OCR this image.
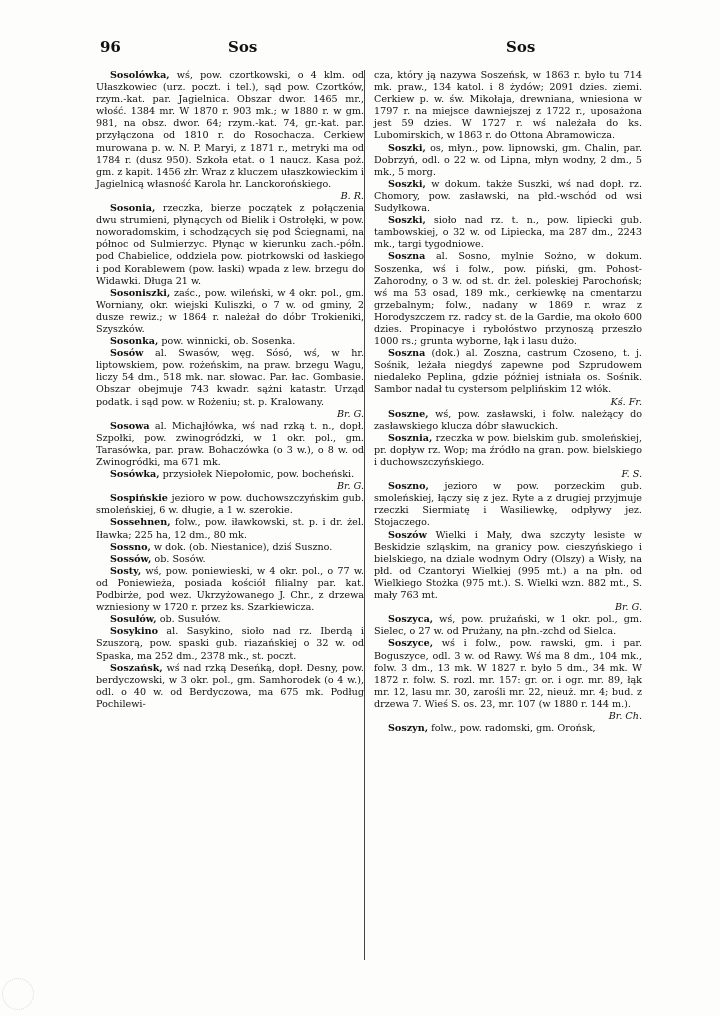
96	Sos	Sos

Sosolówka, wś, pow. czortkowski, o 4 klm. od Ułaszkowiec (urz. poczt. i tel.), sąd pow. Czortków, rzym.-kat. par. Jagielnica. Obszar dwor. 1465 mr., włość. 1384 mr. W 1870 r. 903 mk.; w 1880 r. w gm. 981, na obsz. dwor. 64; rzym.-kat. 74, gr.-kat. par. przyłączona od 1810 r. do Rosochacza. Cerkiew murowana p. w. N. P. Maryi, z 1871 r., metryki ma od 1784 r. (dusz 950). Szkoła etat. o 1 naucz. Kasa poż. gm. z kapit. 1456 złr. Wraz z kluczem ułaszkowieckim i Jagielnicą własność Karola hr. Lanckorońskiego.
B. R.

Sosonia, rzeczka, bierze początek z połączenia dwu strumieni, płynących od Bielik i Ostrołęki, w pow. noworadomskim, i schodzących się pod Ściegnami, na północ od Sulmierzyc. Płynąc w kierunku zach.-półn. pod Chabielice, oddziela pow. piotrkowski od łaskiego i pod Korablewem (pow. łaski) wpada z lew. brzegu do Widawki. Długa 21 w.

Sosoniszki, zaśc., pow. wileński, w 4 okr. pol., gm. Worniany, okr. wiejski Kuliszki, o 7 w. od gminy, 2 dusze rewiz.; w 1864 r. należał do dóbr Trokieniki, Szyszków.

Sosonka, pow. winnicki, ob. Sosenka.

Sosów al. Swasów, węg. Sósó, wś, w hr. liptowskiem, pow. rożeńskim, na praw. brzegu Wagu, liczy 54 dm., 518 mk. nar. słowac. Par. łac. Gombasie. Obszar obejmuje 743 kwadr. sążni katastr. Urząd podatk. i sąd pow. w Rożeniu; st. p. Kralowany.
Br. G.

Sosowa al. Michajłówka, wś nad rzką t. n., dopł. Szpołki, pow. zwinogródzki, w 1 okr. pol., gm. Tarasówka, par. praw. Bohaczówka (o 3 w.), o 8 w. od Zwinogródki, ma 671 mk.

Sosówka, przysiołek Niepołomic, pow. bocheński.
Br. G.

Sospińskie jezioro w pow. duchowszczyńskim gub. smoleńskiej, 6 w. długie, a 1 w. szerokie.

Sossehnen, folw., pow. iławkowski, st. p. i dr. żel. Iławka; 225 ha, 12 dm., 80 mk.

Sossno, w dok. (ob. Niestanice), dziś Suszno.

Sossów, ob. Sosów.

Sosty, wś, pow. poniewieski, w 4 okr. pol., o 77 w. od Poniewieża, posiada kościół filialny par. kat. Podbirże, pod wez. Ukrzyżowanego J. Chr., z drzewa wzniesiony w 1720 r. przez ks. Szarkiewicza.

Sosułów, ob. Susułów.

Sosykino al. Sasykino, sioło nad rz. Iberdą i Szuszorą, pow. spaski gub. riazańskiej o 32 w. od Spaska, ma 252 dm., 2378 mk., st. poczt.

Soszańsk, wś nad rzką Deseńką, dopł. Desny, pow. berdyczowski, w 3 okr. pol., gm. Samhorodek (o 4 w.), odl. o 40 w. od Berdyczowa, ma 675 mk. Podług Pochilewi-

cza, który ją nazywa Soszeńsk, w 1863 r. było tu 714 mk. praw., 134 katol. i 8 żydów; 2091 dzies. ziemi. Cerkiew p. w. św. Mikołaja, drewniana, wniesiona w 1797 r. na miejsce dawniejszej z 1722 r., uposażona jest 59 dzies. W 1727 r. wś należała do ks. Lubomirskich, w 1863 r. do Ottona Abramowicza.

Soszki, os, młyn., pow. lipnowski, gm. Chalin, par. Dobrzyń, odl. o 22 w. od Lipna, młyn wodny, 2 dm., 5 mk., 5 morg.

Soszki, w dokum. także Suszki, wś nad dopł. rz. Chomory, pow. zasławski, na płd.-wschód od wsi Sudyłkowa.

Soszki, sioło nad rz. t. n., pow. lipiecki gub. tambowskiej, o 32 w. od Lipiecka, ma 287 dm., 2243 mk., targi tygodniowe.

Soszna al. Sosno, mylnie Sożno, w dokum. Soszenka, wś i folw., pow. piński, gm. Pohost-Zahorodny, o 3 w. od st. dr. żel. poleskiej Parochońsk; wś ma 53 osad, 189 mk., cerkiewkę na cmentarzu grzebalnym; folw., nadany w 1869 r. wraz z Horodyszczem rz. radcy st. de la Gardie, ma około 600 dzies. Propinacye i rybołóstwo przynoszą przeszło 1000 rs.; grunta wyborne, łąk i lasu dużo.

Soszna (dok.) al. Zoszna, castrum Czoseno, t. j. Sośnik, leżała niegdyś zapewne pod Szprudowem niedaleko Peplina, gdzie później istniała os. Sośnik. Sambor nadał tu cystersom pelplińskim 12 włók.
Kś. Fr.

Soszne, wś, pow. zasławski, i folw. należący do zasławskiego klucza dóbr sławuckich.

Sosznia, rzeczka w pow. bielskim gub. smoleńskiej, pr. dopływ rz. Wop; ma źródło na gran. pow. bielskiego i duchowszczyńskiego.
F. S.

Soszno, jezioro w pow. porzeckim gub. smoleńskiej, łączy się z jez. Ryte a z drugiej przyjmuje rzeczki Siermiatę i Wasiliewkę, odpływy jez. Stojaczego.

Soszów Wielki i Mały, dwa szczyty lesiste w Beskidzie szląskim, na granicy pow. cieszyńskiego i bielskiego, na dziale wodnym Odry (Olszy) a Wisły, na płd. od Czantoryi Wielkiej (995 mt.) a na płn. od Wielkiego Stożka (975 mt.). S. Wielki wzn. 882 mt., S. mały 763 mt.
Br. G.

Soszyca, wś, pow. prużański, w 1 okr. pol., gm. Sielec, o 27 w. od Prużany, na płn.-zchd od Sielca.

Soszyce, wś i folw., pow. rawski, gm. i par. Boguszyce, odl. 3 w. od Rawy. Wś ma 8 dm., 104 mk., folw. 3 dm., 13 mk. W 1827 r. było 5 dm., 34 mk. W 1872 r. folw. S. rozl. mr. 157: gr. or. i ogr. mr. 89, łąk mr. 12, lasu mr. 30, zarośli mr. 22, nieuż. mr. 4; bud. z drzewa 7. Wieś S. os. 23, mr. 107 (w 1880 r. 144 m.).
Br. Ch.

Soszyn, folw., pow. radomski, gm. Orońsk,
